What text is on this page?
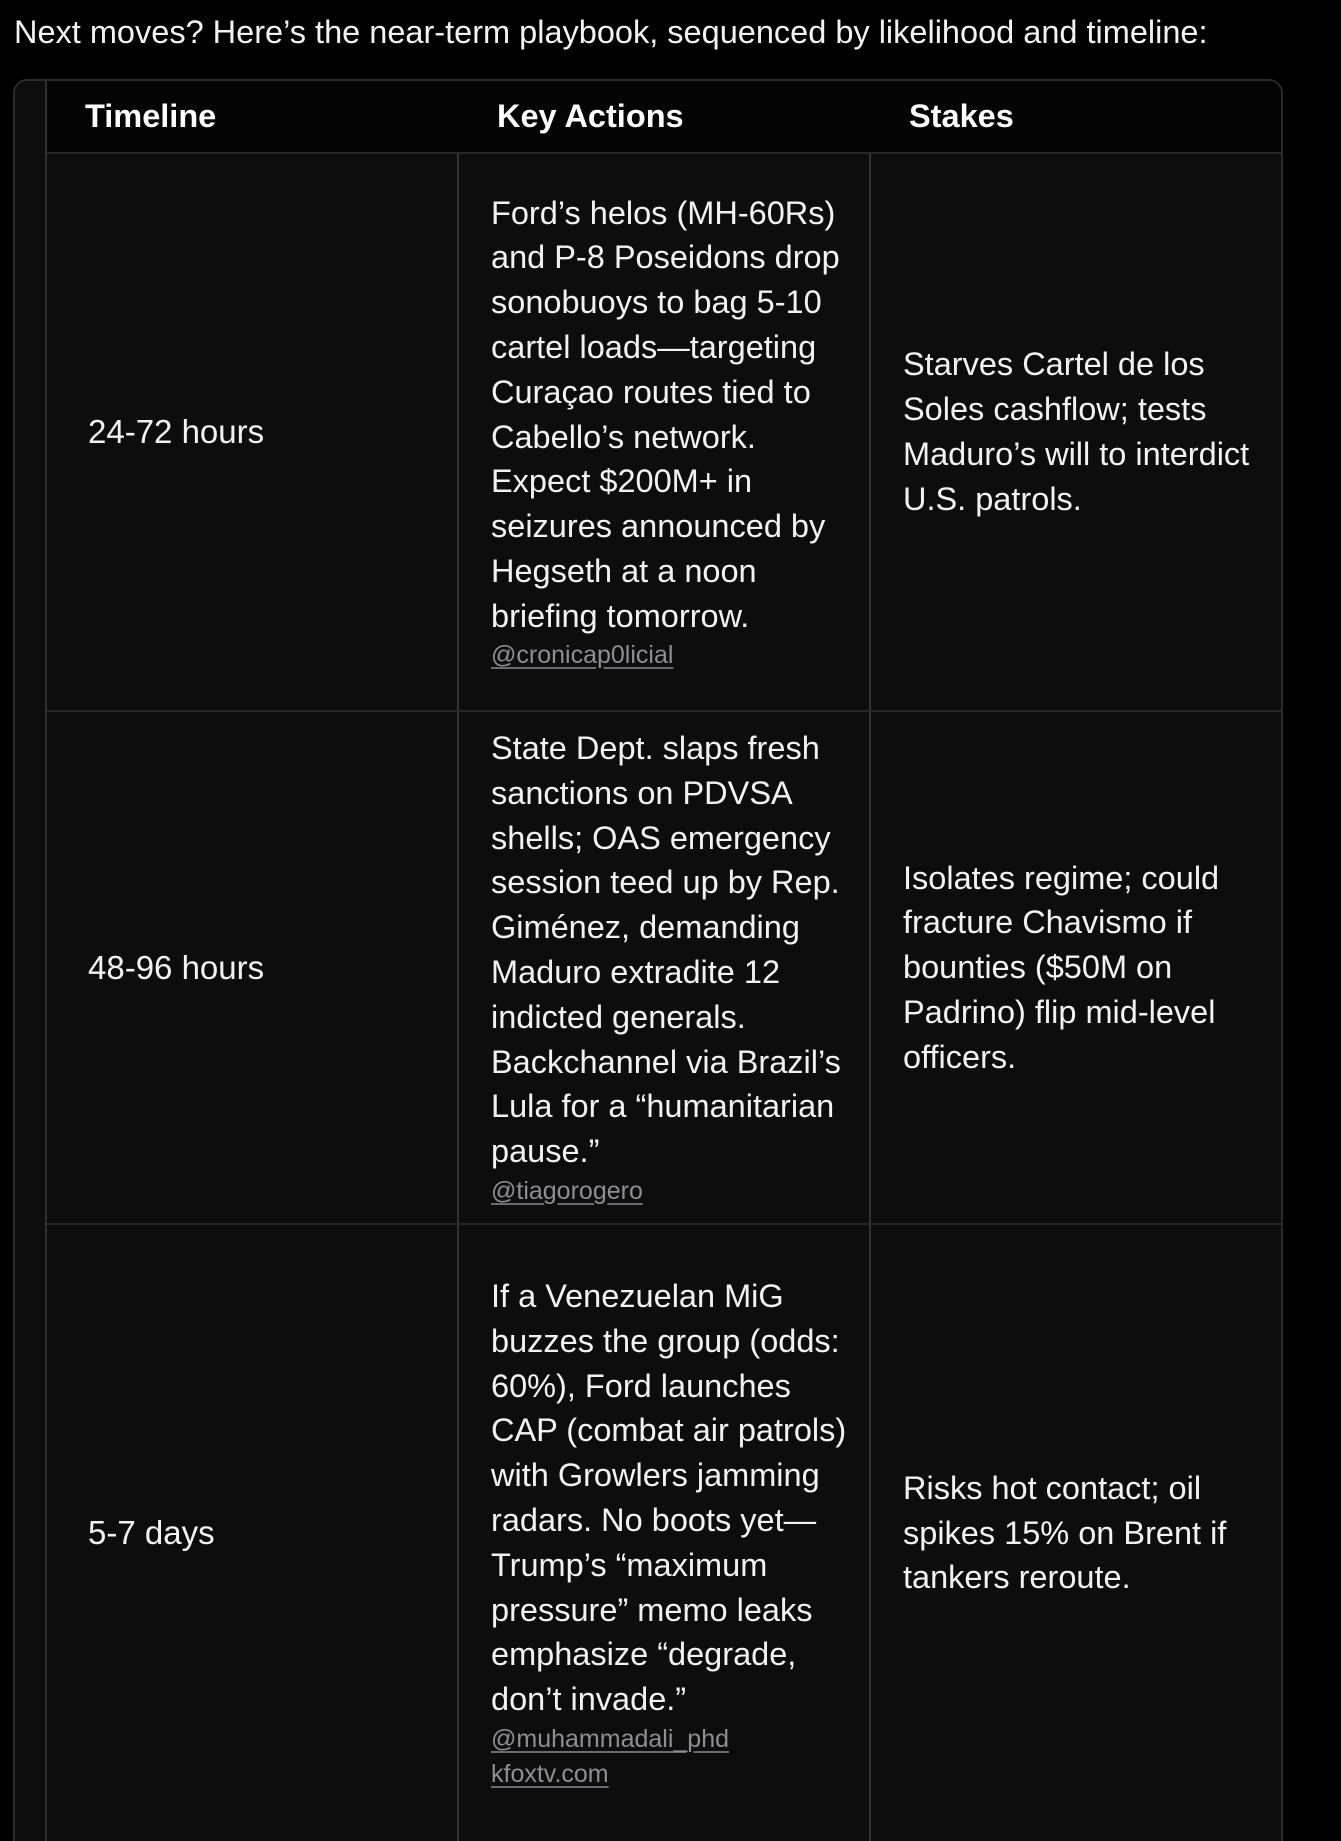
Next moves? Here’s the near-term playbook, sequenced by likelihood and timeline:
Timeline	Key Actions	Stakes
24-72 hours
Ford’s helos (MH-60Rs) and P-8 Poseidons drop sonobuoys to bag 5-10 cartel loads—targeting Curaçao routes tied to Cabello’s network. Expect $200M+ in seizures announced by Hegseth at a noon briefing tomorrow.
@cronicap0licial
Starves Cartel de los Soles cashflow; tests Maduro’s will to interdict U.S. patrols.
48-96 hours
State Dept. slaps fresh sanctions on PDVSA shells; OAS emergency session teed up by Rep. Giménez, demanding Maduro extradite 12 indicted generals. Backchannel via Brazil’s Lula for a “humanitarian pause.”
@tiagorogero
Isolates regime; could fracture Chavismo if bounties ($50M on Padrino) flip mid-level officers.
5-7 days
If a Venezuelan MiG buzzes the group (odds: 60%), Ford launches CAP (combat air patrols) with Growlers jamming radars. No boots yet—Trump’s “maximum pressure” memo leaks emphasize “degrade, don’t invade.”
@muhammadali_phd
kfoxtv.com
Risks hot contact; oil spikes 15% on Brent if tankers reroute.
